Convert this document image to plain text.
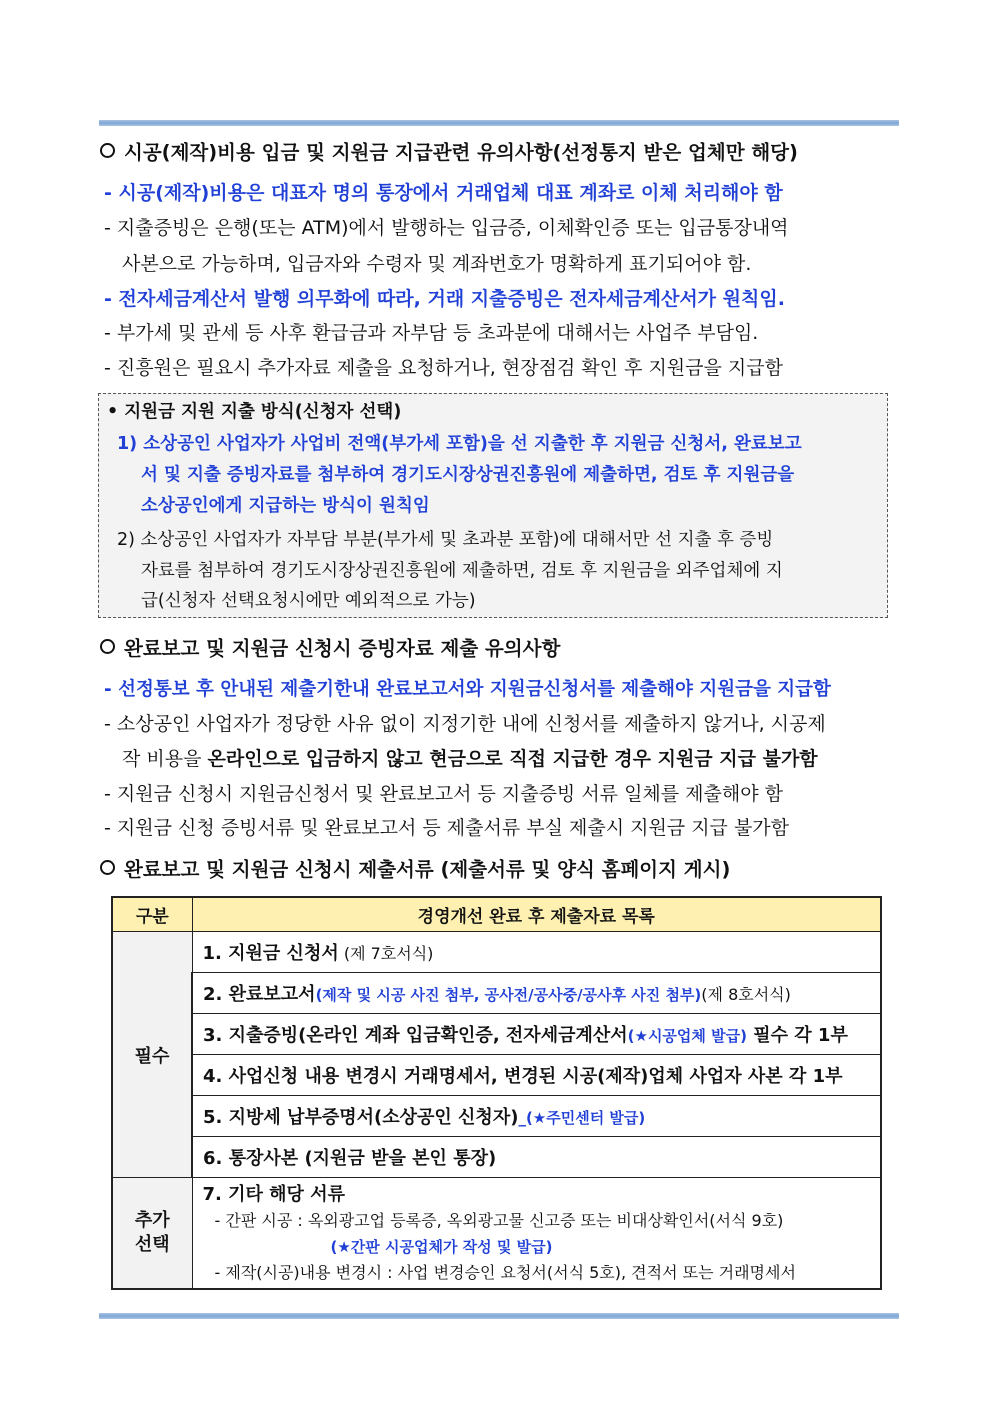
시공(제작)비용 입금 및 지원금 지급관련 유의사항(선정통지 받은 업체만 해당)
- 시공(제작)비용은 대표자 명의 통장에서 거래업체 대표 계좌로 이체 처리해야 함
- 지출증빙은 은행(또는 ATM)에서 발행하는 입금증, 이체확인증 또는 입금통장내역
사본으로 가능하며, 입금자와 수령자 및 계좌번호가 명확하게 표기되어야 함.
- 전자세금계산서 발행 의무화에 따라, 거래 지출증빙은 전자세금계산서가 원칙임.
- 부가세 및 관세 등 사후 환급금과 자부담 등 초과분에 대해서는 사업주 부담임.
- 진흥원은 필요시 추가자료 제출을 요청하거나, 현장점검 확인 후 지원금을 지급함
• 지원금 지원 지출 방식(신청자 선택)
1) 소상공인 사업자가 사업비 전액(부가세 포함)을 선 지출한 후 지원금 신청서, 완료보고
서 및 지출 증빙자료를 첨부하여 경기도시장상권진흥원에 제출하면, 검토 후 지원금을
소상공인에게 지급하는 방식이 원칙임
2) 소상공인 사업자가 자부담 부분(부가세 및 초과분 포함)에 대해서만 선 지출 후 증빙
자료를 첨부하여 경기도시장상권진흥원에 제출하면, 검토 후 지원금을 외주업체에 지
급(신청자 선택요청시에만 예외적으로 가능)
완료보고 및 지원금 신청시 증빙자료 제출 유의사항
- 선정통보 후 안내된 제출기한내 완료보고서와 지원금신청서를 제출해야 지원금을 지급함
- 소상공인 사업자가 정당한 사유 없이 지정기한 내에 신청서를 제출하지 않거나, 시공제
작 비용을 온라인으로 입금하지 않고 현금으로 직접 지급한 경우 지원금 지급 불가함
- 지원금 신청시 지원금신청서 및 완료보고서 등 지출증빙 서류 일체를 제출해야 함
- 지원금 신청 증빙서류 및 완료보고서 등 제출서류 부실 제출시 지원금 지급 불가함
완료보고 및 지원금 신청시 제출서류 (제출서류 및 양식 홈페이지 게시)
구분	경영개선 완료 후 제출자료 목록
필수	1. 지원금 신청서 (제 7호서식)
	2. 완료보고서(제작 및 시공 사진 첨부, 공사전/공사중/공사후 사진 첨부)(제 8호서식)
	3. 지출증빙(온라인 계좌 입금확인증, 전자세금계산서(★시공업체 발급) 필수 각 1부
	4. 사업신청 내용 변경시 거래명세서, 변경된 시공(제작)업체 사업자 사본 각 1부
	5. 지방세 납부증명서(소상공인 신청자)_(★주민센터 발급)
	6. 통장사본 (지원금 받을 본인 통장)

추가 선택	7. 기타 해당 서류
- 간판 시공 : 옥외광고업 등록증, 옥외광고물 신고증 또는 비대상확인서(서식 9호)
(★간판 시공업체가 작성 및 발급)
- 제작(시공)내용 변경시 : 사업 변경승인 요청서(서식 5호), 견적서 또는 거래명세서
